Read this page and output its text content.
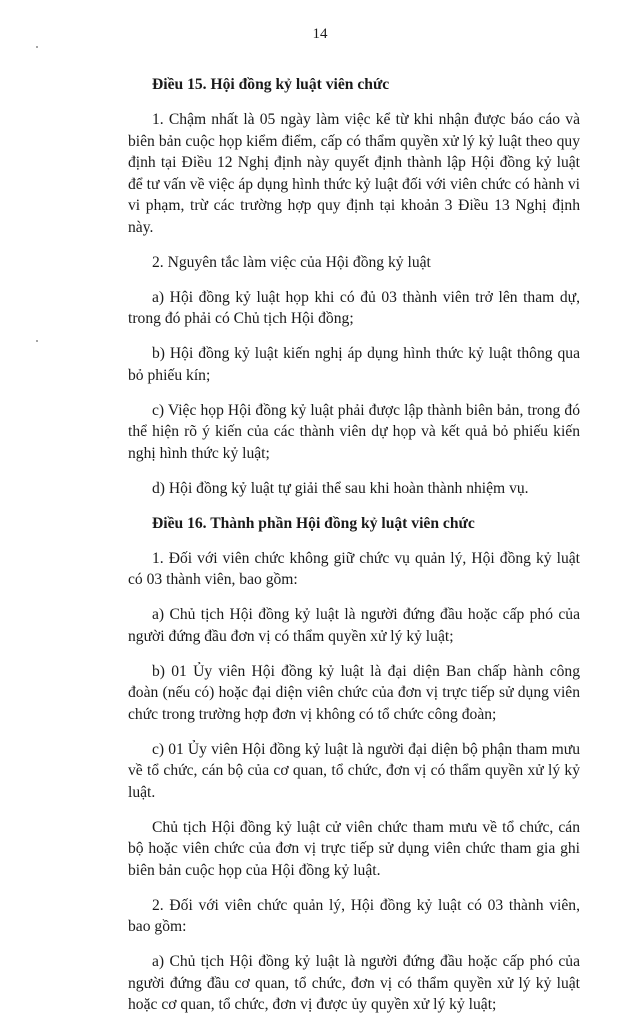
14
Điều 15. Hội đồng kỷ luật viên chức

1. Chậm nhất là 05 ngày làm việc kể từ khi nhận được báo cáo và biên bản cuộc họp kiểm điểm, cấp có thẩm quyền xử lý kỷ luật theo quy định tại Điều 12 Nghị định này quyết định thành lập Hội đồng kỷ luật để tư vấn về việc áp dụng hình thức kỷ luật đối với viên chức có hành vi vi phạm, trừ các trường hợp quy định tại khoản 3 Điều 13 Nghị định này.

2. Nguyên tắc làm việc của Hội đồng kỷ luật

a) Hội đồng kỷ luật họp khi có đủ 03 thành viên trở lên tham dự, trong đó phải có Chủ tịch Hội đồng;

b) Hội đồng kỷ luật kiến nghị áp dụng hình thức kỷ luật thông qua bỏ phiếu kín;

c) Việc họp Hội đồng kỷ luật phải được lập thành biên bản, trong đó thể hiện rõ ý kiến của các thành viên dự họp và kết quả bỏ phiếu kiến nghị hình thức kỷ luật;

d) Hội đồng kỷ luật tự giải thể sau khi hoàn thành nhiệm vụ.

Điều 16. Thành phần Hội đồng kỷ luật viên chức

1. Đối với viên chức không giữ chức vụ quản lý, Hội đồng kỷ luật có 03 thành viên, bao gồm:

a) Chủ tịch Hội đồng kỷ luật là người đứng đầu hoặc cấp phó của người đứng đầu đơn vị có thẩm quyền xử lý kỷ luật;

b) 01 Ủy viên Hội đồng kỷ luật là đại diện Ban chấp hành công đoàn (nếu có) hoặc đại diện viên chức của đơn vị trực tiếp sử dụng viên chức trong trường hợp đơn vị không có tổ chức công đoàn;

c) 01 Ủy viên Hội đồng kỷ luật là người đại diện bộ phận tham mưu về tổ chức, cán bộ của cơ quan, tổ chức, đơn vị có thẩm quyền xử lý kỷ luật.

Chủ tịch Hội đồng kỷ luật cử viên chức tham mưu về tổ chức, cán bộ hoặc viên chức của đơn vị trực tiếp sử dụng viên chức tham gia ghi biên bản cuộc họp của Hội đồng kỷ luật.

2. Đối với viên chức quản lý, Hội đồng kỷ luật có 03 thành viên, bao gồm:

a) Chủ tịch Hội đồng kỷ luật là người đứng đầu hoặc cấp phó của người đứng đầu cơ quan, tổ chức, đơn vị có thẩm quyền xử lý kỷ luật hoặc cơ quan, tổ chức, đơn vị được ủy quyền xử lý kỷ luật;
